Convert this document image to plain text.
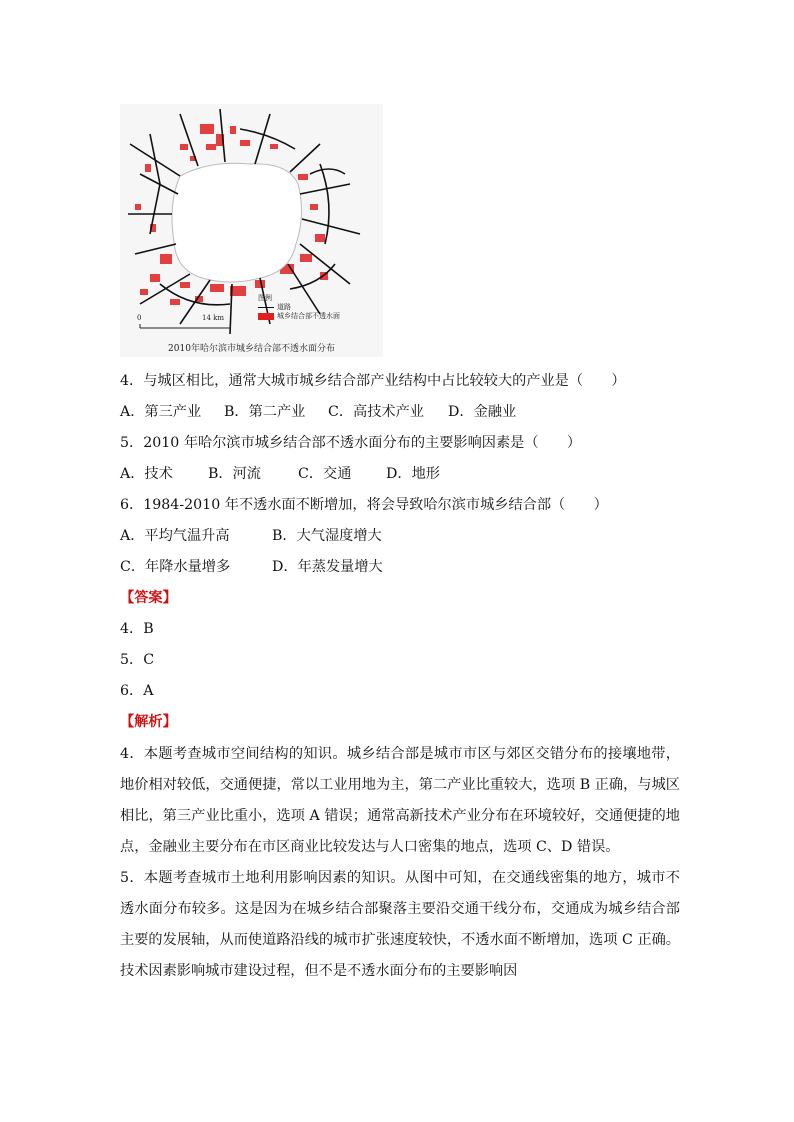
图例
道路
城乡结合部不透水面
0	14 km
2010年哈尔滨市城乡结合部不透水面分布
4．与城区相比，通常大城市城乡结合部产业结构中占比较较大的产业是（　　）
A．第三产业	B．第二产业	C．高技术产业	D．金融业
5．2010 年哈尔滨市城乡结合部不透水面分布的主要影响因素是（　　）
A．技术	B．河流	C．交通	D．地形
6．1984-2010 年不透水面不断增加，将会导致哈尔滨市城乡结合部（　　）
A．平均气温升高	B．大气湿度增大
C．年降水量增多	D．年蒸发量增大
【答案】
4．B
5．C
6．A
【解析】
4．本题考查城市空间结构的知识。城乡结合部是城市市区与郊区交错分布的接壤地带，地价相对较低，交通便捷，常以工业用地为主，第二产业比重较大，选项 B 正确，与城区相比，第三产业比重小，选项 A 错误；通常高新技术产业分布在环境较好，交通便捷的地点，金融业主要分布在市区商业比较发达与人口密集的地点，选项 C、D 错误。
5．本题考查城市土地利用影响因素的知识。从图中可知，在交通线密集的地方，城市不透水面分布较多。这是因为在城乡结合部聚落主要沿交通干线分布，交通成为城乡结合部主要的发展轴，从而使道路沿线的城市扩张速度较快，不透水面不断增加，选项 C 正确。技术因素影响城市建设过程，但不是不透水面分布的主要影响因
